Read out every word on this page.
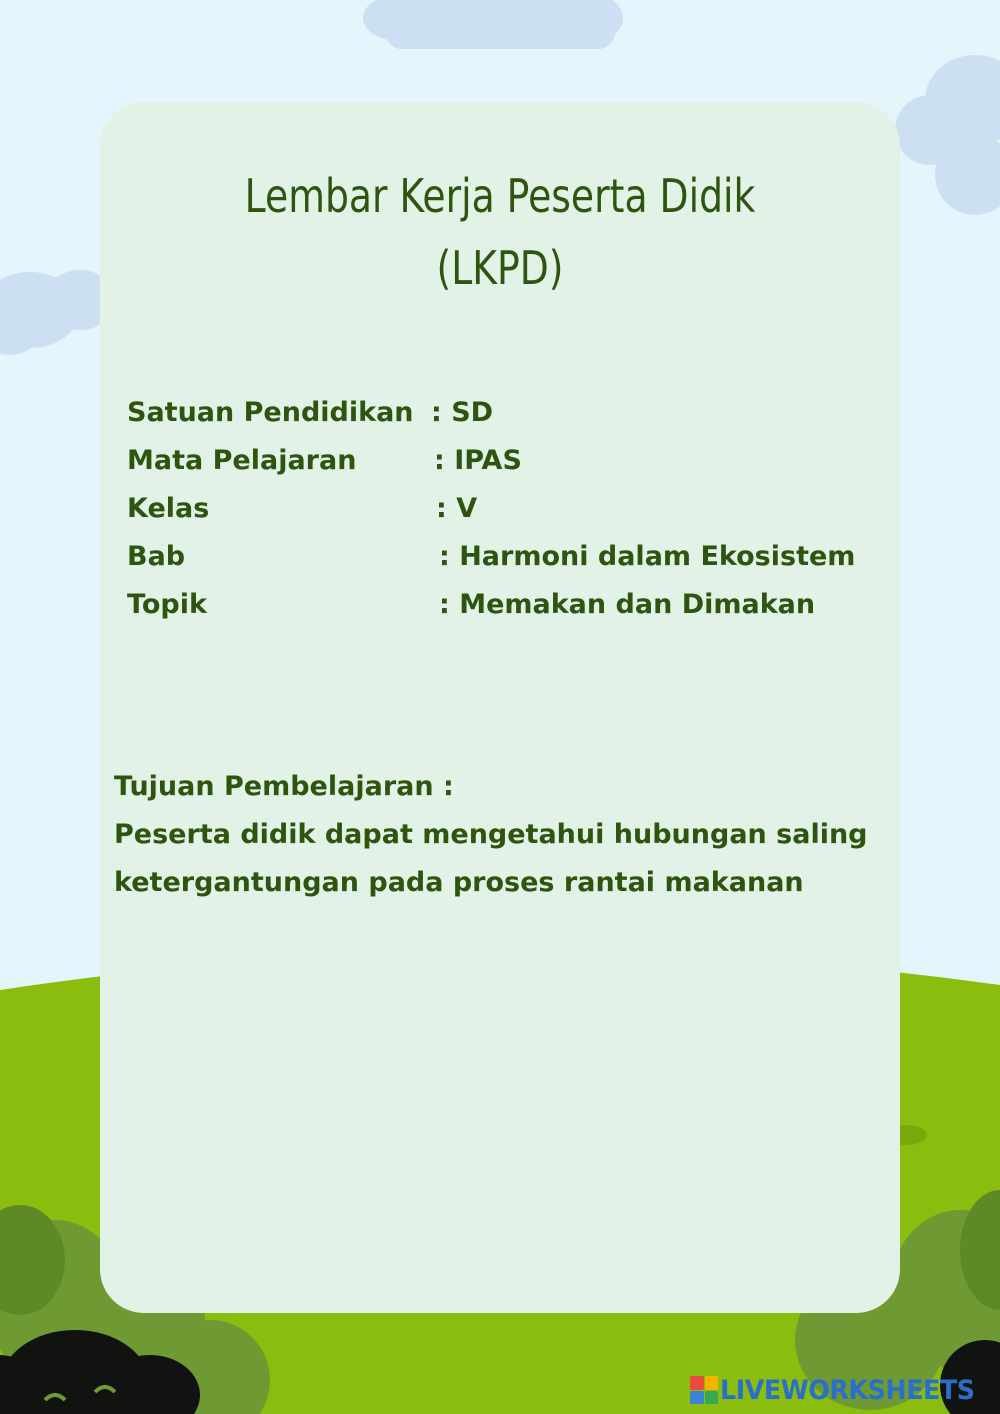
Lembar Kerja Peserta Didik
(LKPD)
Satuan Pendidikan : SD
Mata Pelajaran	: IPAS
Kelas	: V
Bab	: Harmoni dalam Ekosistem
Topik	: Memakan dan Dimakan
Tujuan Pembelajaran :
Peserta didik dapat mengetahui hubungan saling
ketergantungan pada proses rantai makanan
LIVEWORKSHEETS
